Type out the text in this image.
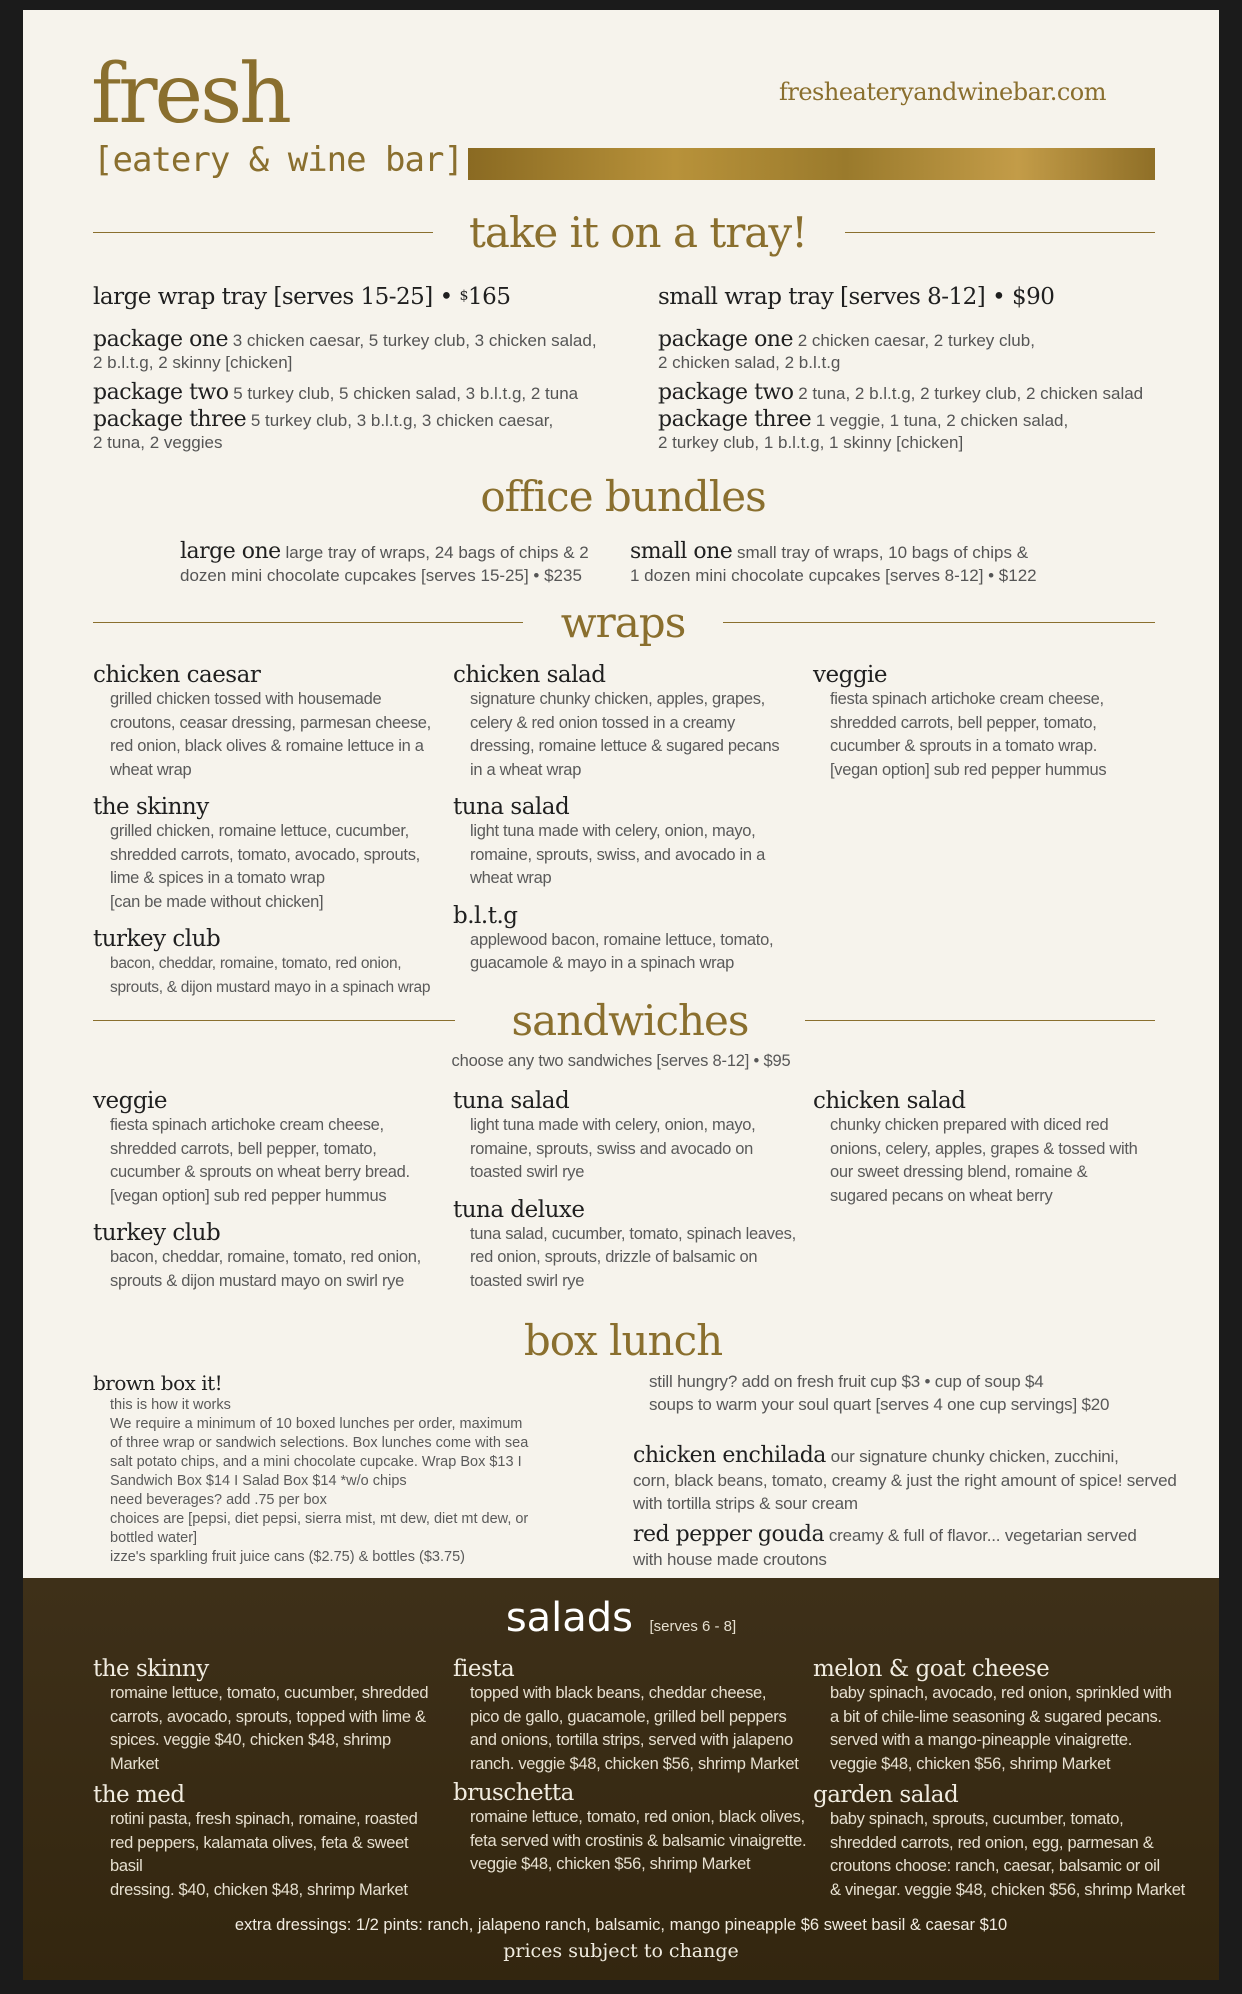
fresh
[eatery & wine bar]
fresheateryandwinebar.com
take it on a tray!
large wrap tray [serves 15-25] • $165	small wrap tray [serves 8-12] • $90
package one 3 chicken caesar, 5 turkey club, 3 chicken salad,
2 b.l.t.g, 2 skinny [chicken]
package two 5 turkey club, 5 chicken salad, 3 b.l.t.g, 2 tuna
package three 5 turkey club, 3 b.l.t.g, 3 chicken caesar,
2 tuna, 2 veggies
package one 2 chicken caesar, 2 turkey club,
2 chicken salad, 2 b.l.t.g
package two 2 tuna, 2 b.l.t.g, 2 turkey club, 2 chicken salad
package three 1 veggie, 1 tuna, 2 chicken salad,
2 turkey club, 1 b.l.t.g, 1 skinny [chicken]
office bundles
large one large tray of wraps, 24 bags of chips & 2
dozen mini chocolate cupcakes [serves 15-25] • $235
small one small tray of wraps, 10 bags of chips &
1 dozen mini chocolate cupcakes [serves 8-12] • $122
wraps
chicken caesar
grilled chicken tossed with housemade
croutons, ceasar dressing, parmesan cheese,
red onion, black olives & romaine lettuce in a
wheat wrap
the skinny
grilled chicken, romaine lettuce, cucumber,
shredded carrots, tomato, avocado, sprouts,
lime & spices in a tomato wrap
[can be made without chicken]
turkey club
bacon, cheddar, romaine, tomato, red onion,
sprouts, & dijon mustard mayo in a spinach wrap
chicken salad
signature chunky chicken, apples, grapes,
celery & red onion tossed in a creamy
dressing, romaine lettuce & sugared pecans
in a wheat wrap
tuna salad
light tuna made with celery, onion, mayo,
romaine, sprouts, swiss, and avocado in a
wheat wrap
b.l.t.g
applewood bacon, romaine lettuce, tomato,
guacamole & mayo in a spinach wrap
veggie
fiesta spinach artichoke cream cheese,
shredded carrots, bell pepper, tomato,
cucumber & sprouts in a tomato wrap.
[vegan option] sub red pepper hummus
sandwiches
choose any two sandwiches [serves 8-12] • $95
veggie
fiesta spinach artichoke cream cheese,
shredded carrots, bell pepper, tomato,
cucumber & sprouts on wheat berry bread.
[vegan option] sub red pepper hummus
turkey club
bacon, cheddar, romaine, tomato, red onion,
sprouts & dijon mustard mayo on swirl rye
tuna salad
light tuna made with celery, onion, mayo,
romaine, sprouts, swiss and avocado on
toasted swirl rye
tuna deluxe
tuna salad, cucumber, tomato, spinach leaves,
red onion, sprouts, drizzle of balsamic on
toasted swirl rye
chicken salad
chunky chicken prepared with diced red
onions, celery, apples, grapes & tossed with
our sweet dressing blend, romaine &
sugared pecans on wheat berry
box lunch
brown box it!
this is how it works
We require a minimum of 10 boxed lunches per order, maximum
of three wrap or sandwich selections. Box lunches come with sea
salt potato chips, and a mini chocolate cupcake. Wrap Box $13 I
Sandwich Box $14 I Salad Box $14 *w/o chips
need beverages? add .75 per box
choices are [pepsi, diet pepsi, sierra mist, mt dew, diet mt dew, or
bottled water]
izze's sparkling fruit juice cans ($2.75) & bottles ($3.75)
still hungry? add on fresh fruit cup $3 • cup of soup $4
soups to warm your soul quart [serves 4 one cup servings] $20
chicken enchilada our signature chunky chicken, zucchini,
corn, black beans, tomato, creamy & just the right amount of spice! served
with tortilla strips & sour cream
red pepper gouda creamy & full of flavor... vegetarian served
with house made croutons
salads [serves 6 - 8]
the skinny
romaine lettuce, tomato, cucumber, shredded
carrots, avocado, sprouts, topped with lime &
spices. veggie $40, chicken $48, shrimp Market
the med
rotini pasta, fresh spinach, romaine, roasted
red peppers, kalamata olives, feta & sweet basil
dressing. $40, chicken $48, shrimp Market
fiesta
topped with black beans, cheddar cheese,
pico de gallo, guacamole, grilled bell peppers
and onions, tortilla strips, served with jalapeno
ranch. veggie $48, chicken $56, shrimp Market
bruschetta
romaine lettuce, tomato, red onion, black olives,
feta served with crostinis & balsamic vinaigrette.
veggie $48, chicken $56, shrimp Market
melon & goat cheese
baby spinach, avocado, red onion, sprinkled with
a bit of chile-lime seasoning & sugared pecans.
served with a mango-pineapple vinaigrette.
veggie $48, chicken $56, shrimp Market
garden salad
baby spinach, sprouts, cucumber, tomato,
shredded carrots, red onion, egg, parmesan &
croutons choose: ranch, caesar, balsamic or oil
& vinegar. veggie $48, chicken $56, shrimp Market
extra dressings: 1/2 pints: ranch, jalapeno ranch, balsamic, mango pineapple $6 sweet basil & caesar $10
prices subject to change
